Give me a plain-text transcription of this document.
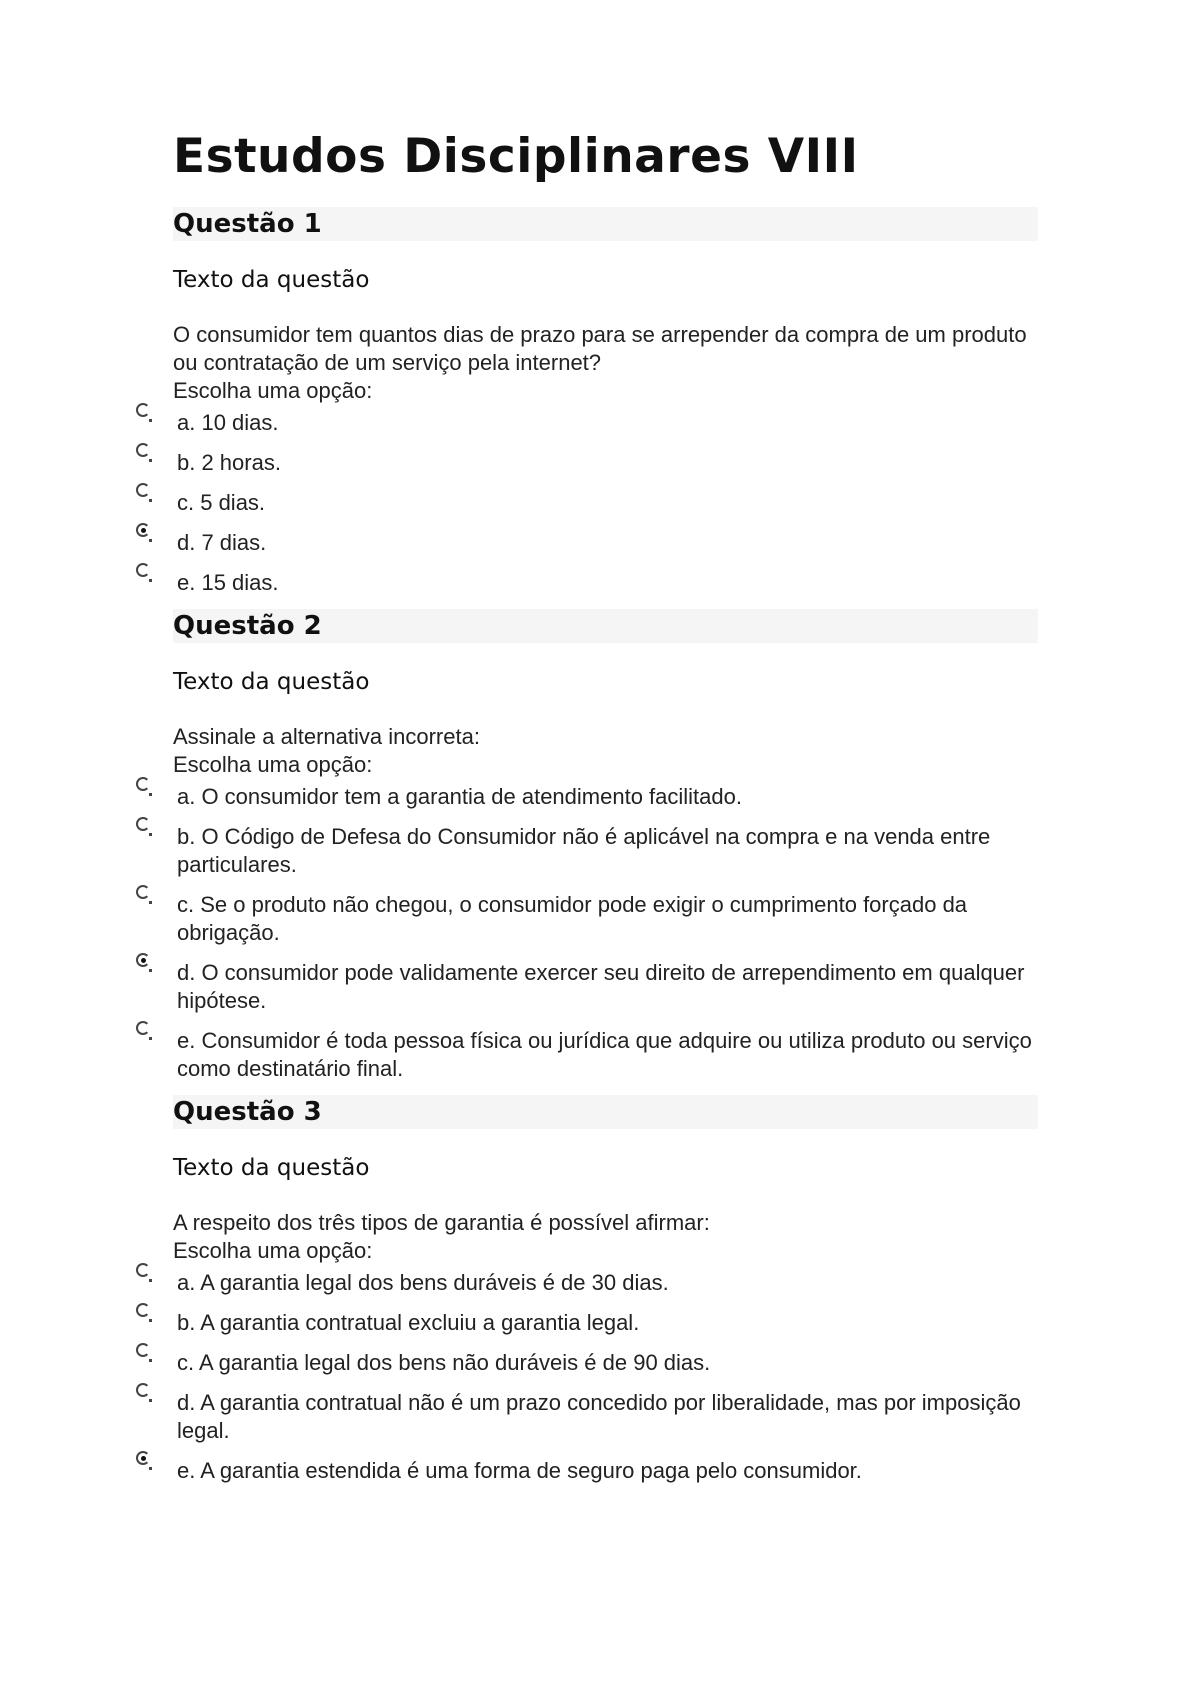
Estudos Disciplinares VIII
Questão 1
Texto da questão
O consumidor tem quantos dias de prazo para se arrepender da compra de um produto ou contratação de um serviço pela internet?
Escolha uma opção:
a. 10 dias.
b. 2 horas.
c. 5 dias.
d. 7 dias.
e. 15 dias.
Questão 2
Texto da questão
Assinale a alternativa incorreta:
Escolha uma opção:
a. O consumidor tem a garantia de atendimento facilitado.
b. O Código de Defesa do Consumidor não é aplicável na compra e na venda entre particulares.
c. Se o produto não chegou, o consumidor pode exigir o cumprimento forçado da obrigação.
d. O consumidor pode validamente exercer seu direito de arrependimento em qualquer hipótese.
e. Consumidor é toda pessoa física ou jurídica que adquire ou utiliza produto ou serviço como destinatário final.
Questão 3
Texto da questão
A respeito dos três tipos de garantia é possível afirmar:
Escolha uma opção:
a. A garantia legal dos bens duráveis é de 30 dias.
b. A garantia contratual excluiu a garantia legal.
c. A garantia legal dos bens não duráveis é de 90 dias.
d. A garantia contratual não é um prazo concedido por liberalidade, mas por imposição legal.
e. A garantia estendida é uma forma de seguro paga pelo consumidor.
